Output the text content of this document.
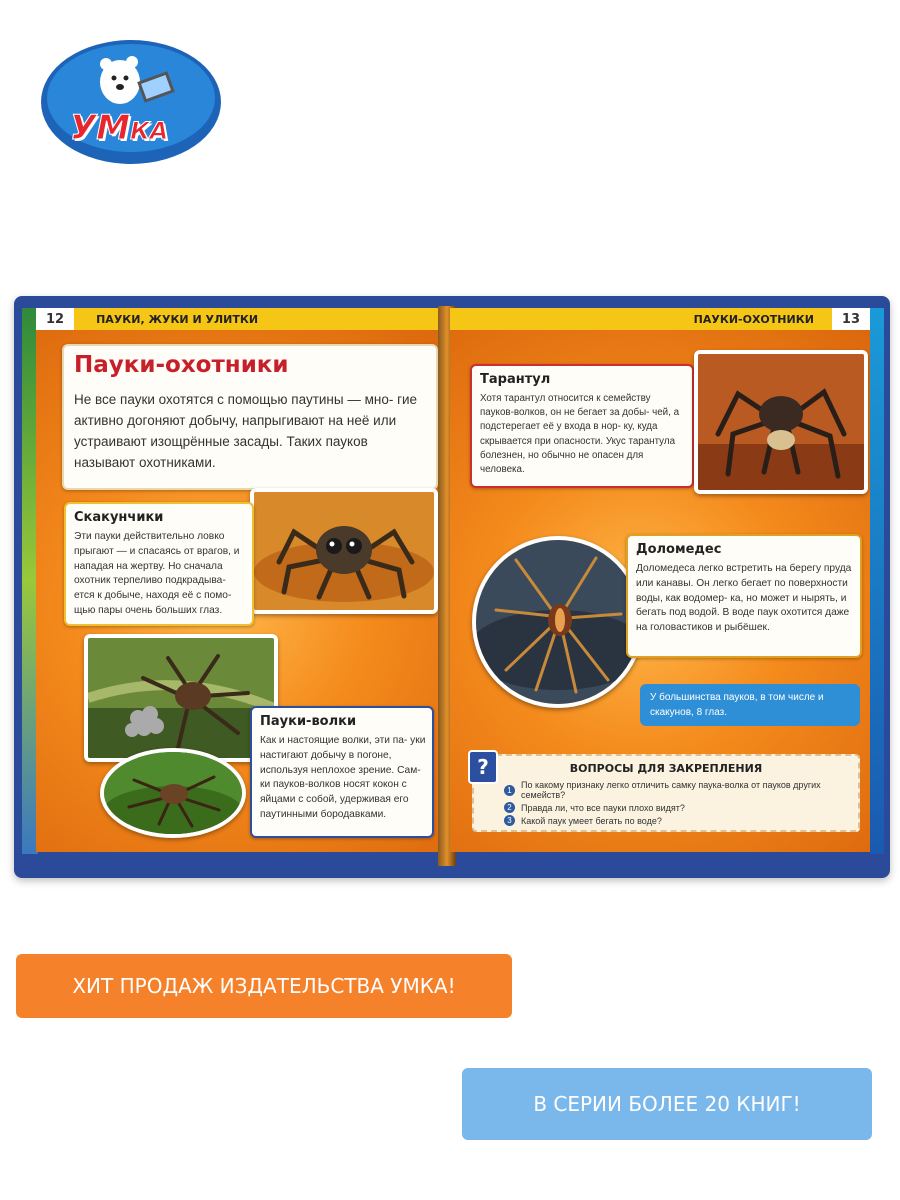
УМКА
12	ПАУКИ, ЖУКИ И УЛИТКИ
Пауки-охотники
Не все пауки охотятся с помощью паутины — мно- гие активно догоняют добычу, напрыгивают на неё или устраивают изощрённые засады. Таких пауков называют охотниками.
Скакунчики
Эти пауки действительно ловко прыгают — и спасаясь от врагов, и нападая на жертву. Но сначала охотник терпеливо подкрадыва- ется к добыче, находя её с помо- щью пары очень больших глаз.
Пауки-волки
Как и настоящие волки, эти па- уки настигают добычу в погоне, используя неплохое зрение. Сам- ки пауков-волков носят кокон с яйцами с собой, удерживая его паутинными бородавками.
ПАУКИ-ОХОТНИКИ	13
Тарантул
Хотя тарантул относится к семейству пауков-волков, он не бегает за добы- чей, а подстерегает её у входа в нор- ку, куда скрывается при опасности. Укус тарантула болезнен, но обычно не опасен для человека.
Доломедес
Доломедеса легко встретить на берегу пруда или канавы. Он легко бегает по поверхности воды, как водомер- ка, но может и нырять, и бегать под водой. В воде паук охотится даже на головастиков и рыбёшек.
У большинства пауков, в том числе и скакунов, 8 глаз.
?	ВОПРОСЫ ДЛЯ ЗАКРЕПЛЕНИЯ
1	По какому признаку легко отличить самку паука-волка от пауков других семейств?
2	Правда ли, что все пауки плохо видят?
3	Какой паук умеет бегать по воде?
ХИТ ПРОДАЖ ИЗДАТЕЛЬСТВА УМКА!
В СЕРИИ БОЛЕЕ 20 КНИГ!
